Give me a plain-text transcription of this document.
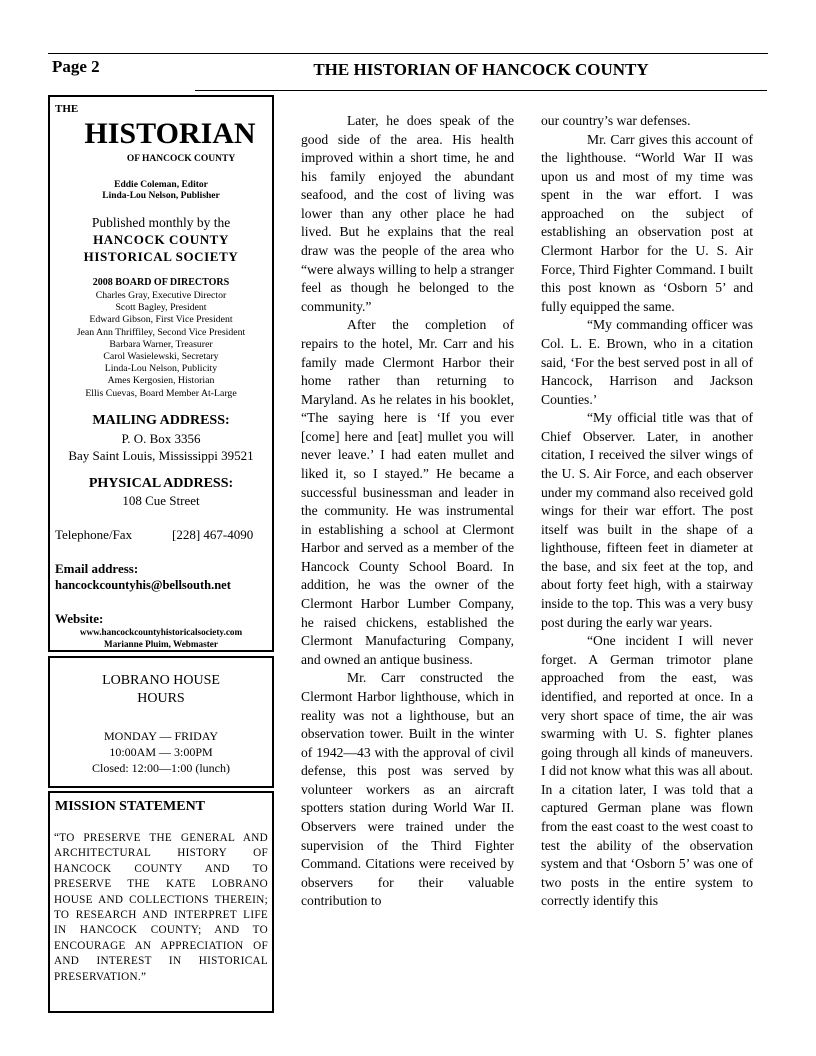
Page 2	THE HISTORIAN OF HANCOCK COUNTY
THE
HISTORIAN
OF HANCOCK COUNTY
Eddie Coleman, Editor
Linda-Lou Nelson, Publisher
Published monthly by the
HANCOCK COUNTY
HISTORICAL SOCIETY
2008 BOARD OF DIRECTORS
Charles Gray, Executive Director
Scott Bagley, President
Edward Gibson, First Vice President
Jean Ann Thriffiley, Second Vice President
Barbara Warner, Treasurer
Carol Wasielewski, Secretary
Linda-Lou Nelson, Publicity
Ames Kergosien, Historian
Ellis Cuevas, Board Member At-Large
MAILING ADDRESS:
P. O. Box 3356
Bay Saint Louis, Mississippi 39521
PHYSICAL ADDRESS:
108 Cue Street
Telephone/Fax	[228] 467-4090
Email address:
hancockcountyhis@bellsouth.net
Website:
www.hancockcountyhistoricalsociety.com
Marianne Pluim, Webmaster
LOBRANO HOUSE
HOURS
MONDAY — FRIDAY
10:00AM — 3:00PM
Closed: 12:00—1:00 (lunch)
MISSION STATEMENT
“TO PRESERVE THE GENERAL AND ARCHITECTURAL HISTORY OF HANCOCK COUNTY AND TO PRESERVE THE KATE LOBRANO HOUSE AND COLLECTIONS THEREIN; TO RESEARCH AND INTERPRET LIFE IN HANCOCK COUNTY; AND TO ENCOURAGE AN APPRECIATION OF AND INTEREST IN HISTORICAL PRESERVATION.”

Later, he does speak of the good side of the area. His health improved within a short time, he and his family enjoyed the abundant seafood, and the cost of living was lower than any other place he had lived. But he explains that the real draw was the people of the area who “were always willing to help a stranger feel as though he belonged to the community.”

After the completion of repairs to the hotel, Mr. Carr and his family made Clermont Harbor their home rather than returning to Maryland. As he relates in his booklet, “The saying here is ‘If you ever [come] here and [eat] mullet you will never leave.’ I had eaten mullet and liked it, so I stayed.” He became a successful businessman and leader in the community. He was instrumental in establishing a school at Clermont Harbor and served as a member of the Hancock County School Board. In addition, he was the owner of the Clermont Harbor Lumber Company, he raised chickens, established the Clermont Manufacturing Company, and owned an antique business.

Mr. Carr constructed the Clermont Harbor lighthouse, which in reality was not a lighthouse, but an observation tower. Built in the winter of 1942—43 with the approval of civil defense, this post was served by volunteer workers as an aircraft spotters station during World War II. Observers were trained under the supervision of the Third Fighter Command. Citations were received by observers for their valuable contribution to

our country’s war defenses.

Mr. Carr gives this account of the lighthouse. “World War II was upon us and most of my time was spent in the war effort. I was approached on the subject of establishing an observation post at Clermont Harbor for the U. S. Air Force, Third Fighter Command. I built this post known as ‘Osborn 5’ and fully equipped the same.

“My commanding officer was Col. L. E. Brown, who in a citation said, ‘For the best served post in all of Hancock, Harrison and Jackson Counties.’

“My official title was that of Chief Observer. Later, in another citation, I received the silver wings of the U. S. Air Force, and each observer under my command also received gold wings for their war effort. The post itself was built in the shape of a lighthouse, fifteen feet in diameter at the base, and six feet at the top, and about forty feet high, with a stairway inside to the top. This was a very busy post during the early war years.

“One incident I will never forget. A German trimotor plane approached from the east, was identified, and reported at once. In a very short space of time, the air was swarming with U. S. fighter planes going through all kinds of maneuvers. I did not know what this was all about. In a citation later, I was told that a captured German plane was flown from the east coast to the west coast to test the ability of the observation system and that ‘Osborn 5’ was one of two posts in the entire system to correctly identify this
